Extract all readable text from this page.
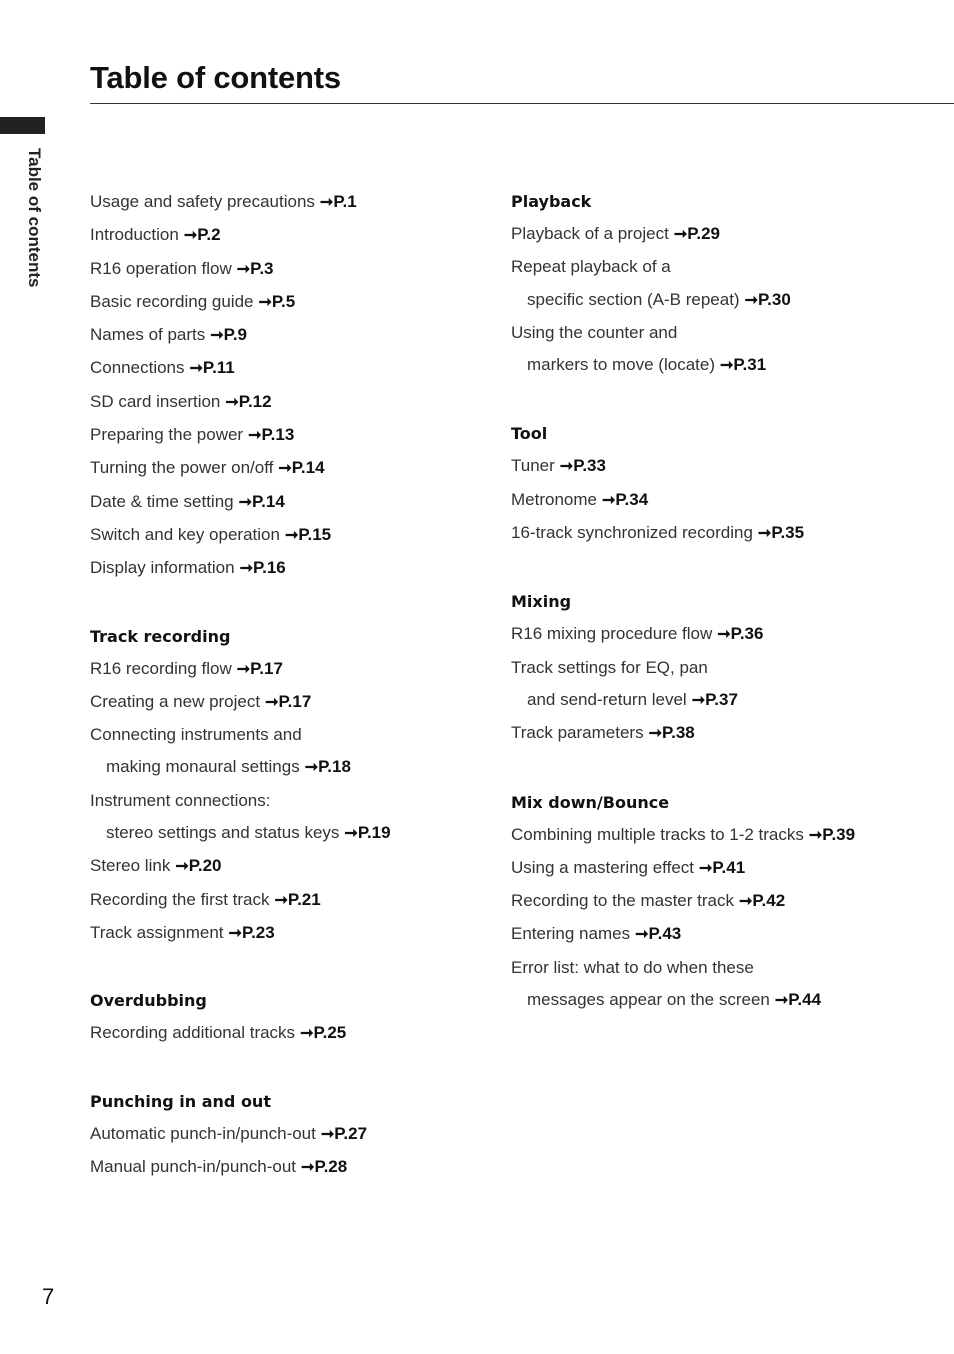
Table of contents
Table of contents	Usage and safety precautions ➞P.1
Introduction ➞P.2
R16 operation flow ➞P.3
Basic recording guide ➞P.5
Names of parts ➞P.9
Connections ➞P.11
SD card insertion ➞P.12
Preparing the power ➞P.13
Turning the power on/off ➞P.14
Date & time setting ➞P.14
Switch and key operation ➞P.15
Display information ➞P.16
Track recording
R16 recording flow ➞P.17
Creating a new project ➞P.17
Connecting instruments and
making monaural settings ➞P.18
Instrument connections:
stereo settings and status keys ➞P.19
Stereo link ➞P.20
Recording the first track ➞P.21
Track assignment ➞P.23
Overdubbing
Recording additional tracks ➞P.25
Punching in and out
Automatic punch-in/punch-out ➞P.27
Manual punch-in/punch-out ➞P.28
Playback
Playback of a project ➞P.29
Repeat playback of a
specific section (A-B repeat) ➞P.30
Using the counter and
markers to move (locate) ➞P.31
Tool
Tuner ➞P.33
Metronome ➞P.34
16-track synchronized recording ➞P.35
Mixing
R16 mixing procedure flow ➞P.36
Track settings for EQ, pan
and send-return level ➞P.37
Track parameters ➞P.38
Mix down/Bounce
Combining multiple tracks to 1-2 tracks ➞P.39
Using a mastering effect ➞P.41
Recording to the master track ➞P.42
Entering names ➞P.43
Error list: what to do when these
messages appear on the screen ➞P.44
7
